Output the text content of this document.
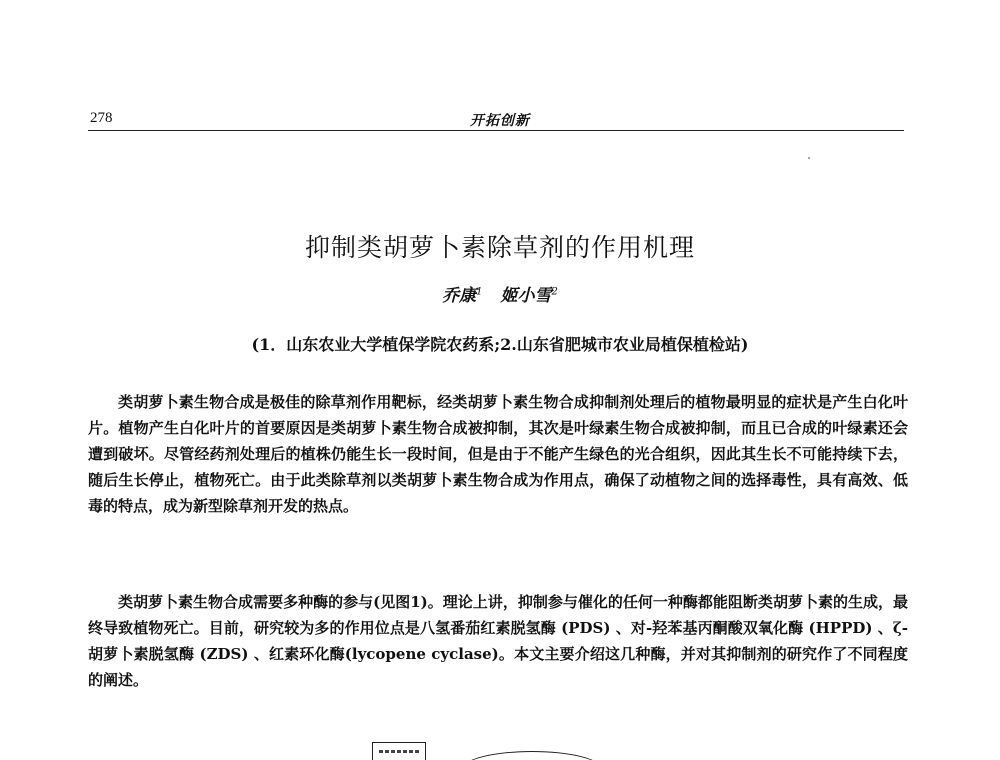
278	开拓创新
抑制类胡萝卜素除草剂的作用机理
乔康$^1$ 姬小雪$^2$
(1．山东农业大学植保学院农药系;2.山东省肥城市农业局植保植检站)

类胡萝卜素生物合成是极佳的除草剂作用靶标，经类胡萝卜素生物合成抑制剂处理后的植物最明显的症状是产生白化叶片。植物产生白化叶片的首要原因是类胡萝卜素生物合成被抑制，其次是叶绿素生物合成被抑制，而且已合成的叶绿素还会遭到破坏。尽管经药剂处理后的植株仍能生长一段时间，但是由于不能产生绿色的光合组织，因此其生长不可能持续下去，随后生长停止，植物死亡。由于此类除草剂以类胡萝卜素生物合成为作用点，确保了动植物之间的选择毒性，具有高效、低毒的特点，成为新型除草剂开发的热点。

类胡萝卜素生物合成需要多种酶的参与(见图1)。理论上讲，抑制参与催化的任何一种酶都能阻断类胡萝卜素的生成，最终导致植物死亡。目前，研究较为多的作用位点是八氢番茄红素脱氢酶 (PDS) 、对-羟苯基丙酮酸双氧化酶 (HPPD) 、ζ-胡萝卜素脱氢酶 (ZDS) 、红素环化酶(lycopene cyclase)。本文主要介绍这几种酶，并对其抑制剂的研究作了不同程度的阐述。
